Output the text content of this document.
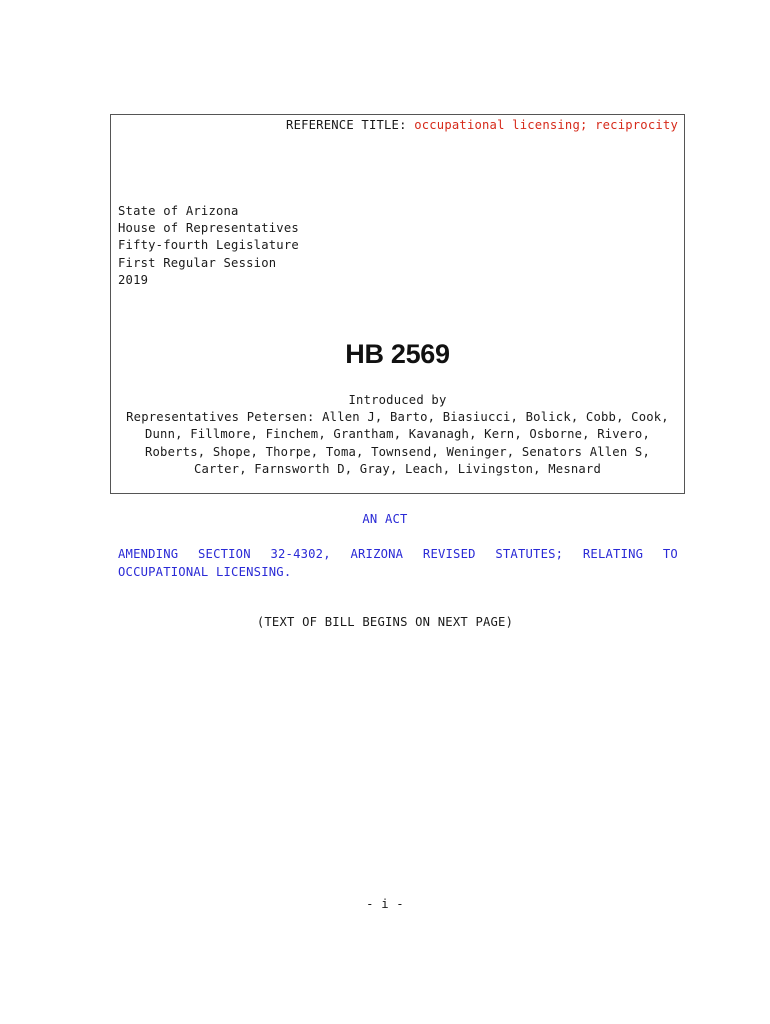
REFERENCE TITLE: occupational licensing; reciprocity
State of Arizona
House of Representatives
Fifty-fourth Legislature
First Regular Session
2019
HB 2569
Introduced by
Representatives Petersen: Allen J, Barto, Biasiucci, Bolick, Cobb, Cook,
Dunn, Fillmore, Finchem, Grantham, Kavanagh, Kern, Osborne, Rivero,
Roberts, Shope, Thorpe, Toma, Townsend, Weninger, Senators Allen S,
Carter, Farnsworth D, Gray, Leach, Livingston, Mesnard
AN ACT
AMENDING SECTION 32-4302, ARIZONA REVISED STATUTES; RELATING TO
OCCUPATIONAL LICENSING.
(TEXT OF BILL BEGINS ON NEXT PAGE)
- i -
